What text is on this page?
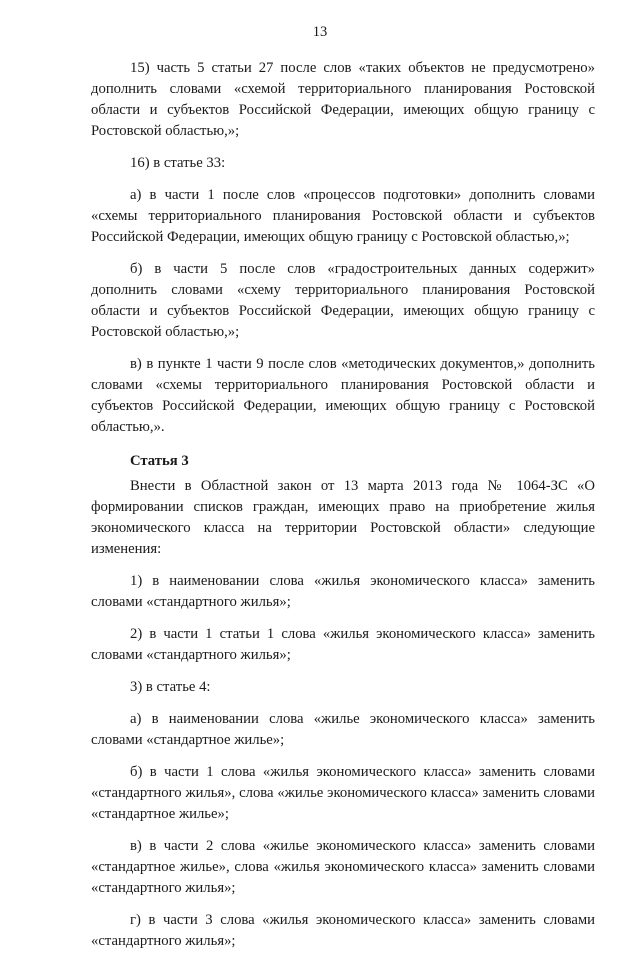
13

15) часть 5 статьи 27 после слов «таких объектов не предусмотрено» дополнить словами «схемой территориального планирования Ростовской области и субъектов Российской Федерации, имеющих общую границу с Ростовской областью,»;

16) в статье 33:

а) в части 1 после слов «процессов подготовки» дополнить словами «схемы территориального планирования Ростовской области и субъектов Российской Федерации, имеющих общую границу с Ростовской областью,»;

б) в части 5 после слов «градостроительных данных содержит» дополнить словами «схему территориального планирования Ростовской области и субъектов Российской Федерации, имеющих общую границу с Ростовской областью,»;

в) в пункте 1 части 9 после слов «методических документов,» дополнить словами «схемы территориального планирования Ростовской области и субъектов Российской Федерации, имеющих общую границу с Ростовской областью,».

Статья 3

Внести в Областной закон от 13 марта 2013 года № 1064-ЗС «О формировании списков граждан, имеющих право на приобретение жилья экономического класса на территории Ростовской области» следующие изменения:

1) в наименовании слова «жилья экономического класса» заменить словами «стандартного жилья»;

2) в части 1 статьи 1 слова «жилья экономического класса» заменить словами «стандартного жилья»;

3) в статье 4:

а) в наименовании слова «жилье экономического класса» заменить словами «стандартное жилье»;

б) в части 1 слова «жилья экономического класса» заменить словами «стандартного жилья», слова «жилье экономического класса» заменить словами «стандартное жилье»;

в) в части 2 слова «жилье экономического класса» заменить словами «стандартное жилье», слова «жилья экономического класса» заменить словами «стандартного жилья»;

г) в части 3 слова «жилья экономического класса» заменить словами «стандартного жилья»;
